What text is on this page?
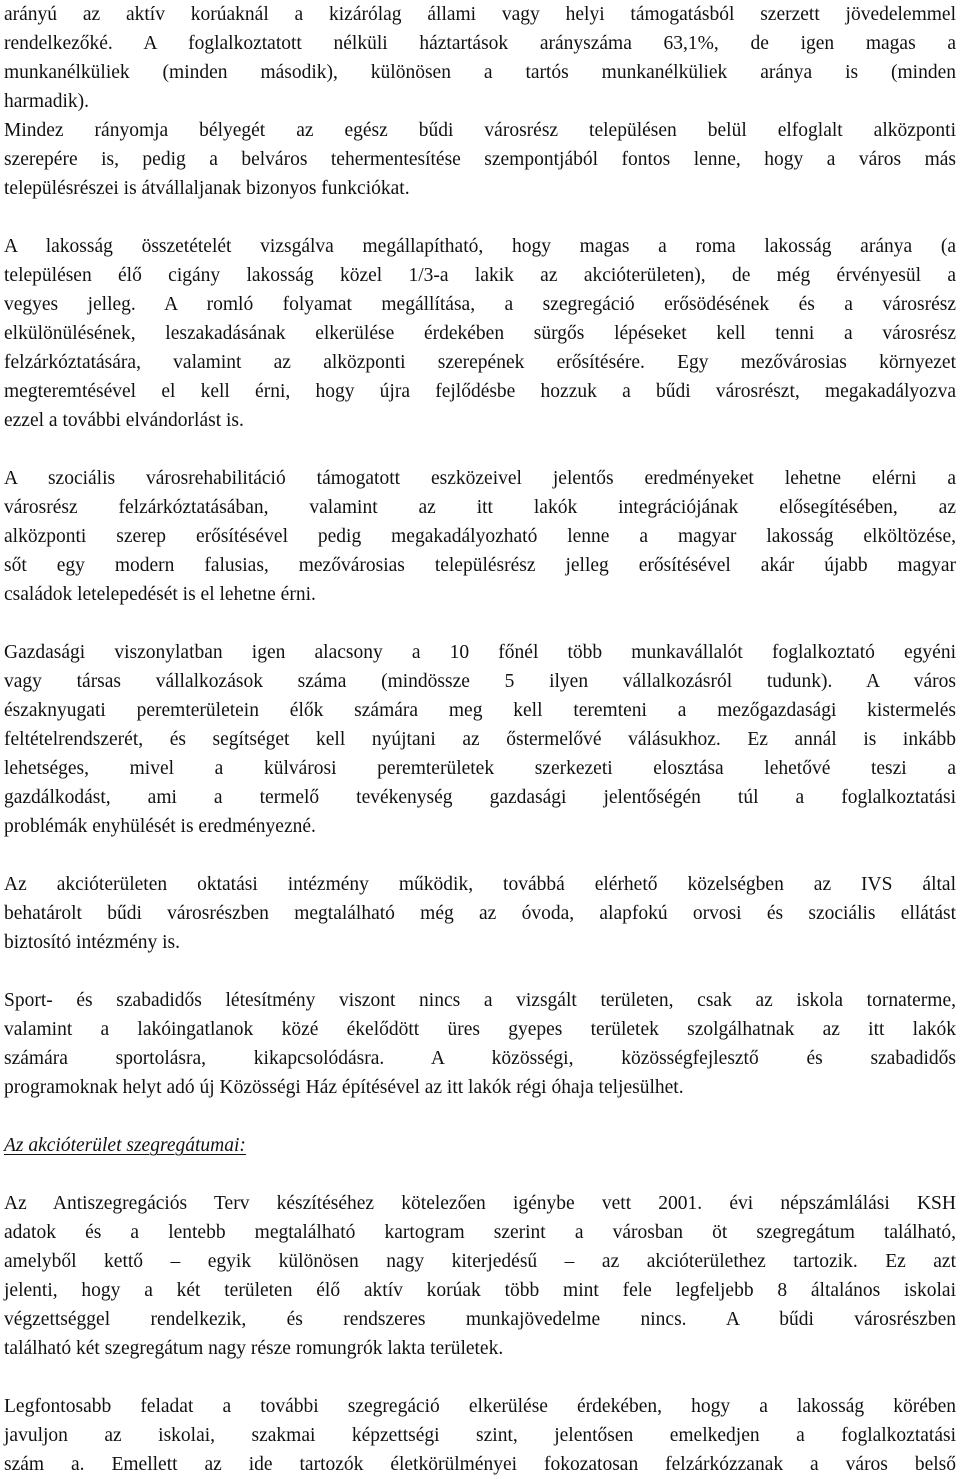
arányú az aktív korúaknál a kizárólag állami vagy helyi támogatásból szerzett jövedelemmel
rendelkezőké. A foglalkoztatott nélküli háztartások arányszáma 63,1%, de igen magas a
munkanélküliek (minden második), különösen a tartós munkanélküliek aránya is (minden
harmadik).
Mindez rányomja bélyegét az egész bűdi városrész településen belül elfoglalt alközponti
szerepére is, pedig a belváros tehermentesítése szempontjából fontos lenne, hogy a város más
településrészei is átvállaljanak bizonyos funkciókat.
A lakosság összetételét vizsgálva megállapítható, hogy magas a roma lakosság aránya (a
településen élő cigány lakosság közel 1/3-a lakik az akcióterületen), de még érvényesül a
vegyes jelleg. A romló folyamat megállítása, a szegregáció erősödésének és a városrész
elkülönülésének, leszakadásának elkerülése érdekében sürgős lépéseket kell tenni a városrész
felzárkóztatására, valamint az alközponti szerepének erősítésére. Egy mezővárosias környezet
megteremtésével el kell érni, hogy újra fejlődésbe hozzuk a bűdi városrészt, megakadályozva
ezzel a további elvándorlást is.
A szociális városrehabilitáció támogatott eszközeivel jelentős eredményeket lehetne elérni a
városrész felzárkóztatásában, valamint az itt lakók integrációjának elősegítésében, az
alközponti szerep erősítésével pedig megakadályozható lenne a magyar lakosság elköltözése,
sőt egy modern falusias, mezővárosias településrész jelleg erősítésével akár újabb magyar
családok letelepedését is el lehetne érni.
Gazdasági viszonylatban igen alacsony a 10 főnél több munkavállalót foglalkoztató egyéni
vagy társas vállalkozások száma (mindössze 5 ilyen vállalkozásról tudunk). A város
északnyugati peremterületein élők számára meg kell teremteni a mezőgazdasági kistermelés
feltételrendszerét, és segítséget kell nyújtani az őstermelővé válásukhoz. Ez annál is inkább
lehetséges, mivel a külvárosi peremterületek szerkezeti elosztása lehetővé teszi a
gazdálkodást, ami a termelő tevékenység gazdasági jelentőségén túl a foglalkoztatási
problémák enyhülését is eredményezné.
Az akcióterületen oktatási intézmény működik, továbbá elérhető közelségben az IVS által
behatárolt bűdi városrészben megtalálható még az óvoda, alapfokú orvosi és szociális ellátást
biztosító intézmény is.
Sport- és szabadidős létesítmény viszont nincs a vizsgált területen, csak az iskola tornaterme,
valamint a lakóingatlanok közé ékelődött üres gyepes területek szolgálhatnak az itt lakók
számára sportolásra, kikapcsolódásra. A közösségi, közösségfejlesztő és szabadidős
programoknak helyt adó új Közösségi Ház építésével az itt lakók régi óhaja teljesülhet.

Az akcióterület szegregátumai:

Az Antiszegregációs Terv készítéséhez kötelezően igénybe vett 2001. évi népszámlálási KSH
adatok és a lentebb megtalálható kartogram szerint a városban öt szegregátum található,
amelyből kettő – egyik különösen nagy kiterjedésű – az akcióterülethez tartozik. Ez azt
jelenti, hogy a két területen élő aktív korúak több mint fele legfeljebb 8 általános iskolai
végzettséggel rendelkezik, és rendszeres munkajövedelme nincs. A bűdi városrészben
található két szegregátum nagy része romungrók lakta területek.
Legfontosabb feladat a további szegregáció elkerülése érdekében, hogy a lakosság körében
javuljon az iskolai, szakmai képzettségi szint, jelentősen emelkedjen a foglalkoztatási
szám a. Emellett az ide tartozók életkörülményei fokozatosan felzárkózzanak a város belső
